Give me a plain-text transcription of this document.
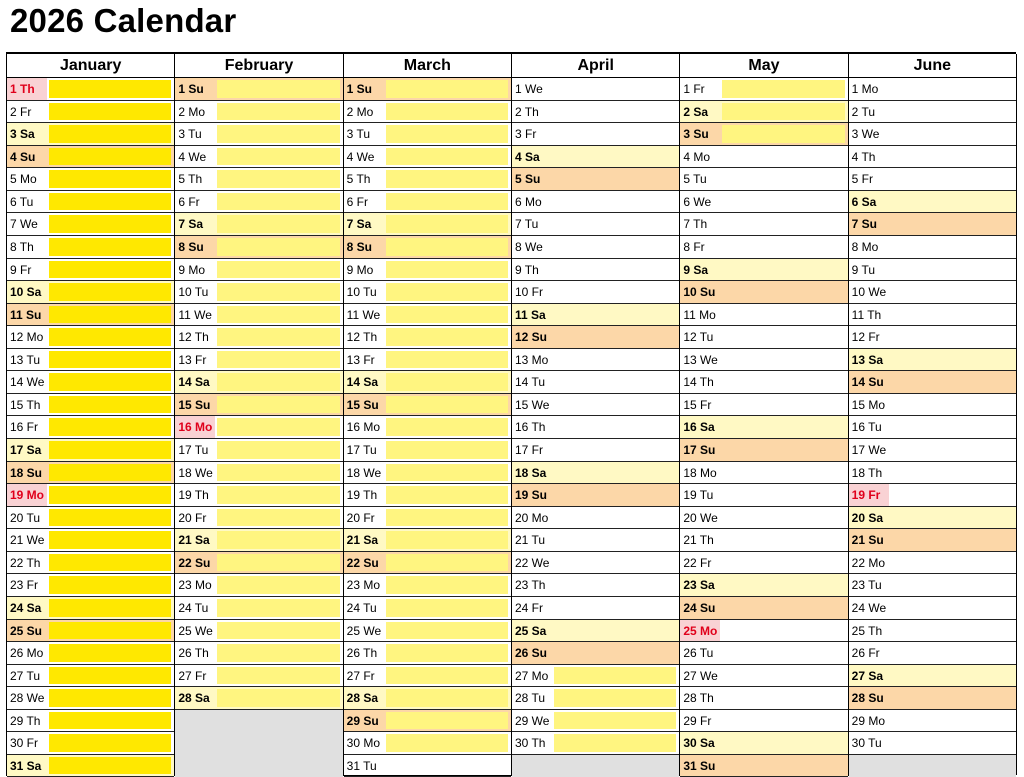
2026 Calendar
January
1 Th
2 Fr
3 Sa
4 Su
5 Mo
6 Tu
7 We
8 Th
9 Fr
10 Sa
11 Su
12 Mo
13 Tu
14 We
15 Th
16 Fr
17 Sa
18 Su
19 Mo
20 Tu
21 We
22 Th
23 Fr
24 Sa
25 Su
26 Mo
27 Tu
28 We
29 Th
30 Fr
31 Sa
February
1 Su
2 Mo
3 Tu
4 We
5 Th
6 Fr
7 Sa
8 Su
9 Mo
10 Tu
11 We
12 Th
13 Fr
14 Sa
15 Su
16 Mo
17 Tu
18 We
19 Th
20 Fr
21 Sa
22 Su
23 Mo
24 Tu
25 We
26 Th
27 Fr
28 Sa
March
1 Su
2 Mo
3 Tu
4 We
5 Th
6 Fr
7 Sa
8 Su
9 Mo
10 Tu
11 We
12 Th
13 Fr
14 Sa
15 Su
16 Mo
17 Tu
18 We
19 Th
20 Fr
21 Sa
22 Su
23 Mo
24 Tu
25 We
26 Th
27 Fr
28 Sa
29 Su
30 Mo
31 Tu
April
1 We
2 Th
3 Fr
4 Sa
5 Su
6 Mo
7 Tu
8 We
9 Th
10 Fr
11 Sa
12 Su
13 Mo
14 Tu
15 We
16 Th
17 Fr
18 Sa
19 Su
20 Mo
21 Tu
22 We
23 Th
24 Fr
25 Sa
26 Su
27 Mo
28 Tu
29 We
30 Th
May
1 Fr
2 Sa
3 Su
4 Mo
5 Tu
6 We
7 Th
8 Fr
9 Sa
10 Su
11 Mo
12 Tu
13 We
14 Th
15 Fr
16 Sa
17 Su
18 Mo
19 Tu
20 We
21 Th
22 Fr
23 Sa
24 Su
25 Mo
26 Tu
27 We
28 Th
29 Fr
30 Sa
31 Su
June
1 Mo
2 Tu
3 We
4 Th
5 Fr
6 Sa
7 Su
8 Mo
9 Tu
10 We
11 Th
12 Fr
13 Sa
14 Su
15 Mo
16 Tu
17 We
18 Th
19 Fr
20 Sa
21 Su
22 Mo
23 Tu
24 We
25 Th
26 Fr
27 Sa
28 Su
29 Mo
30 Tu
